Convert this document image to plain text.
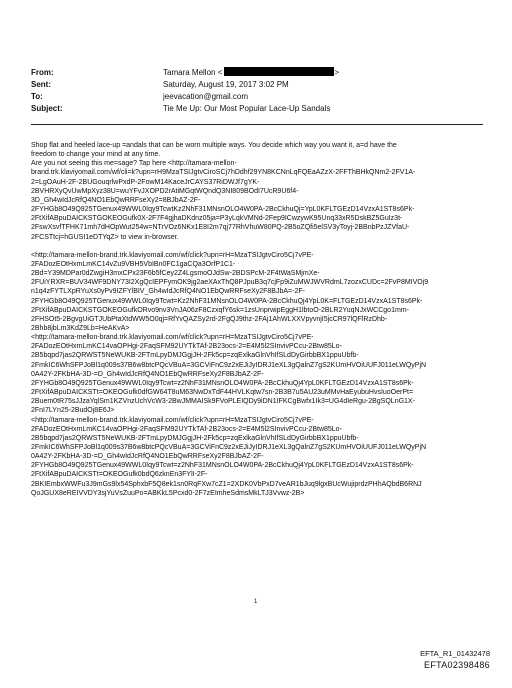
From:	Tamara Mellon <	>
Sent:	Saturday, August 19, 2017 3:02 PM
To:	jeevacation@gmail.com
Subject:	Tie Me Up: Our Most Popular Lace-Up Sandals

Shop flat and heeled lace-up =andals that can be worn multiple ways. You decide which way you want it, a=d have the

freedom to change your mind at any time.

Are you not seeing this me=sage? Tap here <http://tamara-mellon-

brand.trk.klaviyomail.com/wf/cli=k?upn=rH9MzaTSIJgtvCiroSCj7hDdhf29YN8KCNnLqFQEaAZzX-2FFThBHkQNm2-2FV1A-

2=LgOAuH-2F-2BUGouqrlwPxdP-2FowM14KaceJrCAYS37RiDWJf7gYK-

2BVHRXyQvUwMpXyz38U=wuYFvJXOPD2rAtiMGqtWQndQ3NI809BOdI7UcR9U6f4-

3D_Gh4wIdJcRfQ4NO1EbQwRRFseXy2=8BJbAZ-2F-

2FYHGb8O49Q925TGenux49WWL0Iqy9TcwtKz2NhF31MNsnOLO4W0PA-2BcCkhuQj=YpL0KFLTGEzD14VzxA1ST8s6Pk-

2FtXifABpuDAICKSTGOKEOGufk0X-2F7F4gjhaDKdnz05ja=P3yLqkVMNd-2Fep9ICwzywK95Unq33xR5DskBZ5GuIz3t-

2FswXsvfTFHK71mh7dHOpWut254w=NTrVOz6NKx1E8I2m7qj77RhVhuW80PQ-2B5oZQfi5elSV3yToyj-2BBnbPzJZVfaU-

2FCSTtcj=hGUSI1eDTYqZ> to view in-browser.

<http://tamara-mellon-brand.trk.klaviyomail.com/wf/click?upn=rH=MzaTSIJgtvCiro5Cj7vPE-

2FADozEOtHxmLmKC14vZu9VBH5VbIBn0FC1gaCQa3OrfP1C1-

2Bd=Y39MDPar0dZwgiH3mxCPx23F6b5fCey2Z4LgsmoOJdSw-2BDSPcM-2F4tWaSMjmXe-

2FUiYRXR=BUV34WF9DNY73I2XgQcIEPFymOK9jg2aeXAxThQ8PJpuB3q7cjFp9iZuMWJWVRdmL7zozxCUDc=2FvP8MIVOj9

n1q4zFYTLXpRYuXs0yPv9IZFYlBIV_Gh4wIdJcRfQ4NO1EbQwRRFseXy2F8BJbA=-2F-

2FYHGb8O49Q925TGenux49WWL0Iqy9Tcwt=Kz2NhF31MNsnOLO4W0PA-2BcCkhuQj4YpL0K=FLTGEzD14VzxA1ST8s6Pk-

2FtXifABpuDAICKSTGOKEOGufkORvo9nv3VnJA06zF8CzxqfY6sk=1zsUnprwipEggH1lbtoO-2BLR2YuqNJxWCCgo1mm-

2FHSOt5-2BgvgUiGTJUbPtaXtdWW5O0qj=RfYvQAZSy2rd-2FgQJ9thz-2FAj1AhWLXXVpyvnjI5jcCR97lQFlRzDhb-

2Bhb8jbLm3KdZ9Lb=HeAKvA>

<http://tamara-mellon-brand.trk.klaviyomail.com/wf/click?upn=rH=MzaTSIJgtvCiro5Cj7vPE-

2FADozEOtHxmLmKC14vaOPHgi-2FaqSFM92UYTkTAf-2B23ocs-2=E4M5l2SInvivPCcu-2Btw85Lo-

2B5bqpd7jas2QRWST5NeWUKB-2FTmLpyDMJGgjJH-2Fk5cp=zqExlkaGlnVhIfSLdDyGirbbBX1ppuUbfb-

2FmkIC6WhSFPJoBl1q009s37B6w8btcPQcVBuA=3GCViFnC9z2xEJiJyIDRJ1eXL3gQalnZ7gS2KUmHVOiUUFJ011eLWQyPjN

0A42Y-2FKbHA-3D-=D_Gh4wIdJcRfQ4NO1EbQwRRFseXy2F8BJbAZ-2F-

2FYHGb8O49Q925TGenux49WWL0Iqy9Tcwt=z2NhF31MNsnOLO4W0PA-2BcCkhuQj4YpL0KFLTGEzD14VzxA1ST8s6Pk-

2FtXifABpuDAICKSTt=OKEOGufk0dfGW64T8uM63NwDxTdF44HVLKqtw7sn-2B3B7u5AU23uMMvHaEyubuHvsIuoOerPt=

2Buem0tR75sJJzaYqlSm1KZVnzUchVcW3-2BwJMMAISk9FVoPLEIQDy9iDN1IFKCgBwfx1Ik3=UG4dIeRgu-2BgSQLnG1X-

2FnI7LYn25-2BudOj8E6J>

<http://tamara-mellon-brand.trk.klaviyomail.com/wf/click?upn=rH=MzaTSIJgtvCiro5Cj7vPE-

2FADozEOtHxmLmKC14vaOPHgi-2FaqSFM92UYTkTAf-2B23ocs-2=E4M5l2SInvivPCcu-2Btw85Lo-

2B5bqpd7jas2QRWST5NeWUKB-2FTmLpyDMJGgjJH-2Fk5cp=zqExlkaGlnVhIfSLdDyGirbbBX1ppuUbfb-

2FmkIC6WhSFPJoBl1q009s37B6w8btcPQcVBuA=3GCViFnC9z2xEJiJyIDRJ1eXL3gQalnZ7gS2KUmHVOiUUFJ011eLWQyPjN

0A42Y-2FKbHA-3D-=D_Gh4wIdJcRfQ4NO1EbQwRRFseXy2F8BJbAZ-2F-

2FYHGb8O49Q925TGenux49WWL0Iqy9Tcwt=z2NhF31MNsnOLO4W0PA-2BcCkhuQj4YpL0KFLTGEzD14VzxA1ST8s6Pk-

2FtXifABpuDAICKSTt=OKEOGufk0bdQ6zknEn3FYlI-2F-

2BKIEmbxWWFu3J9mGs9lx54SphxbF5Q8ek1sn0RqFXw7cZ1=2XDK0VbPxD7veAR1bJuq9lgxBUcWujiprdzPHhAQbdB6RNJ

QoJGUX8eREIVVDY3sjYuVsZuuPo=ABKkL5Pcxd0-2F7zEImheSdmsMkLTJ3Vvwz-2B>

1
EFTA_R1_01432478
EFTA02398486
